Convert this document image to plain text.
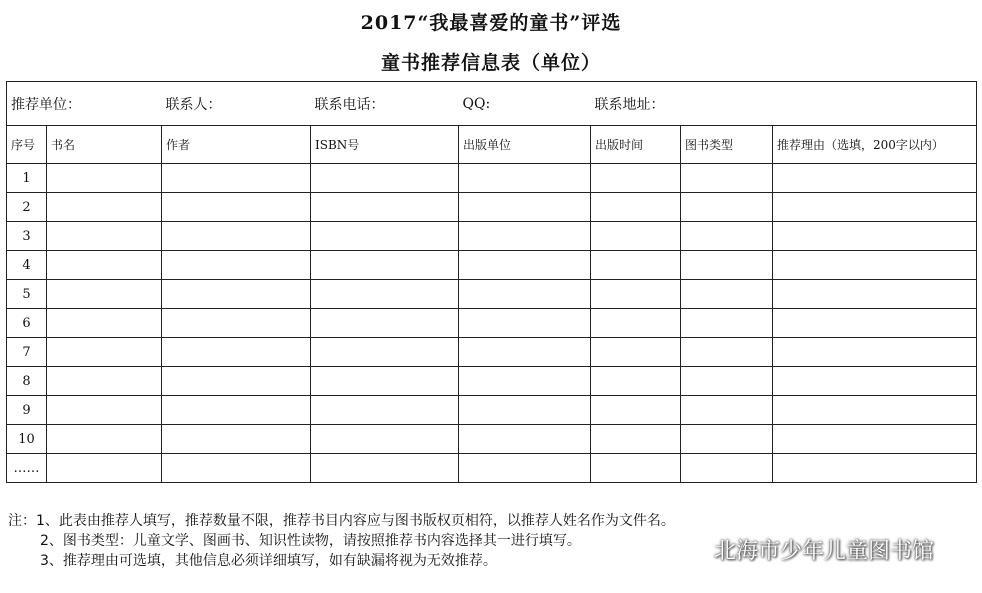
2017“我最喜爱的童书”评选
童书推荐信息表（单位）
推荐单位：		联系人：	联系电话：	QQ:	联系地址：		
序号	书名	作者	ISBN号	出版单位	出版时间	图书类型	推荐理由（选填，200字以内）
1							
2							
3							
4							
5							
6							
7							
8							
9							
10							
……							
注：1、此表由推荐人填写，推荐数量不限，推荐书目内容应与图书版权页相符，以推荐人姓名作为文件名。
2、图书类型：儿童文学、图画书、知识性读物，请按照推荐书内容选择其一进行填写。
3、推荐理由可选填，其他信息必须详细填写，如有缺漏将视为无效推荐。	北海市少年儿童图书馆
